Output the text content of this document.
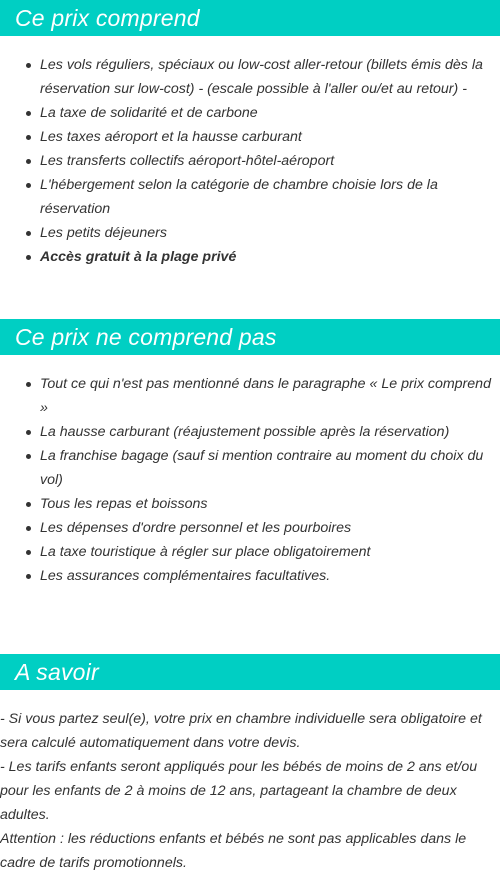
Ce prix comprend
Les vols réguliers, spéciaux ou low-cost aller-retour (billets émis dès la réservation sur low-cost) - (escale possible à l'aller ou/et au retour) -
La taxe de solidarité et de carbone
Les taxes aéroport et la hausse carburant
Les transferts collectifs aéroport-hôtel-aéroport
L'hébergement selon la catégorie de chambre choisie lors de la réservation
Les petits déjeuners
Accès gratuit à la plage privé
Ce prix ne comprend pas
Tout ce qui n'est pas mentionné dans le paragraphe « Le prix comprend »
La hausse carburant (réajustement possible après la réservation)
La franchise bagage (sauf si mention contraire au moment du choix du vol)
Tous les repas et boissons
Les dépenses d'ordre personnel et les pourboires
La taxe touristique à régler sur place obligatoirement
Les assurances complémentaires facultatives.
A savoir

- Si vous partez seul(e), votre prix en chambre individuelle sera obligatoire et sera calculé automatiquement dans votre devis.

- Les tarifs enfants seront appliqués pour les bébés de moins de 2 ans et/ou pour les enfants de 2 à moins de 12 ans, partageant la chambre de deux adultes.

Attention : les réductions enfants et bébés ne sont pas applicables dans le cadre de tarifs promotionnels.
